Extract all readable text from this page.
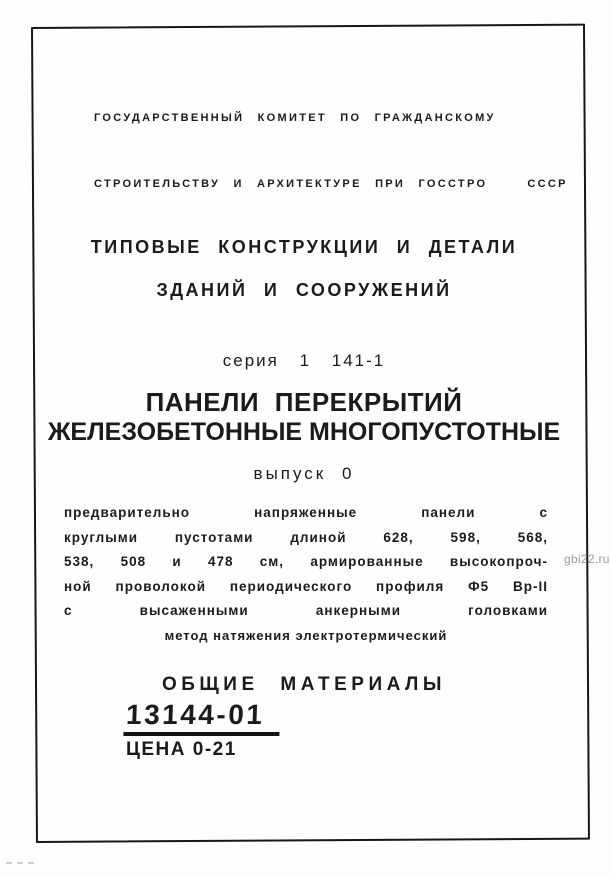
ГОСУДАРСТВЕННЫЙ КОМИТЕТ ПО ГРАЖДАНСКОМУ

СТРОИТЕЛЬСТВУ И АРХИТЕКТУРЕ ПРИ ГОССТРО   СССР

ТИПОВЫЕ КОНСТРУКЦИИ И ДЕТАЛИ
ЗДАНИЙ И СООРУЖЕНИЙ
серия 1 141-1
ПАНЕЛИ ПЕРЕКРЫТИЙ
ЖЕЛЕЗОБЕТОННЫЕ МНОГОПУСТОТНЫЕ
выпуск 0
предварительно напряженные панели с
круглыми пустотами длиной 628, 598, 568,
538, 508 и 478 см, армированные высокопроч-
ной проволокой периодического профиля Ф5 Вр-II
с высаженными анкерными головками
метод натяжения электротермический
ОБЩИЕ МАТЕРИАЛЫ
13144-01
ЦЕНА 0-21
gbi22.ru
